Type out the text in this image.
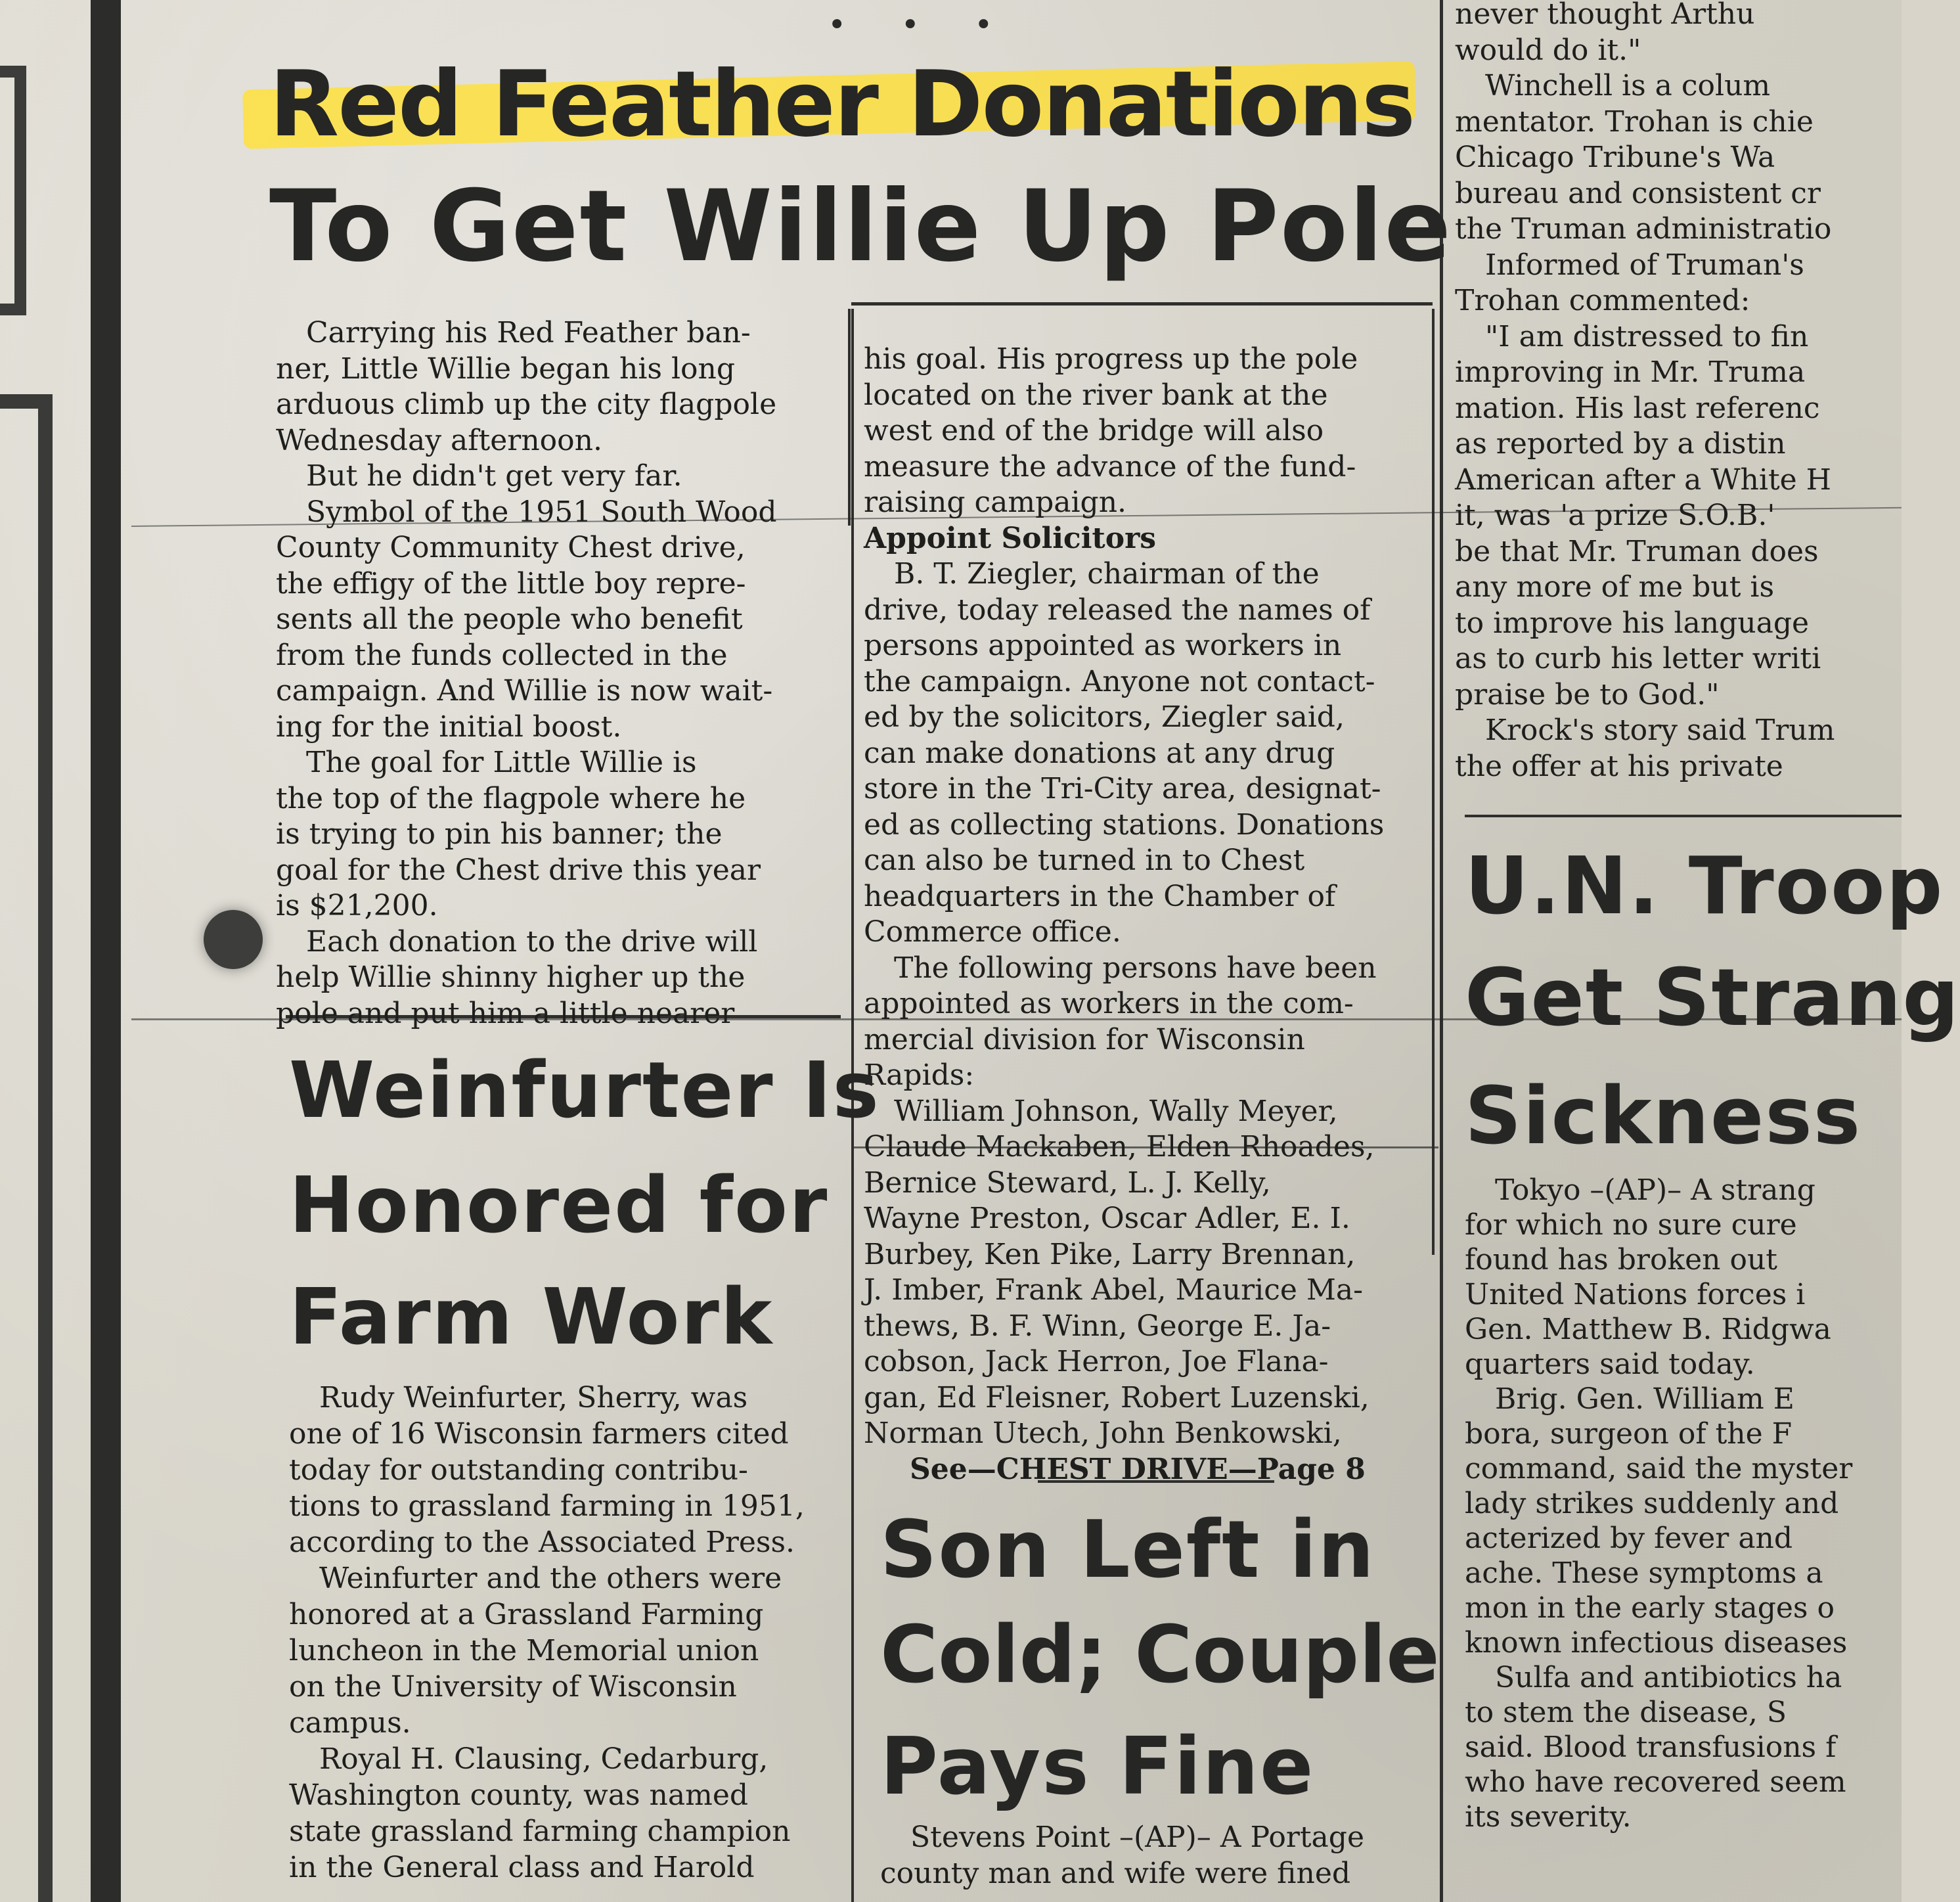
• • •
Red Feather Donations
To Get Willie Up Pole

Carrying his Red Feather ban-

ner, Little Willie began his long

arduous climb up the city flagpole

Wednesday afternoon.

But he didn't get very far.

Symbol of the 1951 South Wood

County Community Chest drive,

the effigy of the little boy repre-

sents all the people who benefit

from the funds collected in the

campaign. And Willie is now wait-

ing for the initial boost.

The goal for Little Willie is

the top of the flagpole where he

is trying to pin his banner; the

goal for the Chest drive this year

is $21,200.

Each donation to the drive will

help Willie shinny higher up the

pole and put him a little nearer

his goal. His progress up the pole

located on the river bank at the

west end of the bridge will also

measure the advance of the fund-

raising campaign.

Appoint Solicitors

B. T. Ziegler, chairman of the

drive, today released the names of

persons appointed as workers in

the campaign. Anyone not contact-

ed by the solicitors, Ziegler said,

can make donations at any drug

store in the Tri-City area, designat-

ed as collecting stations. Donations

can also be turned in to Chest

headquarters in the Chamber of

Commerce office.

The following persons have been

appointed as workers in the com-

mercial division for Wisconsin

Rapids:

William Johnson, Wally Meyer,

Claude Mackaben, Elden Rhoades,

Bernice Steward, L. J. Kelly,

Wayne Preston, Oscar Adler, E. I.

Burbey, Ken Pike, Larry Brennan,

J. Imber, Frank Abel, Maurice Ma-

thews, B. F. Winn, George E. Ja-

cobson, Jack Herron, Joe Flana-

gan, Ed Fleisner, Robert Luzenski,

Norman Utech, John Benkowski,

See—CHEST DRIVE—Page 8

Weinfurter Is
Honored for
Farm Work

Rudy Weinfurter, Sherry, was

one of 16 Wisconsin farmers cited

today for outstanding contribu-

tions to grassland farming in 1951,

according to the Associated Press.

Weinfurter and the others were

honored at a Grassland Farming

luncheon in the Memorial union

on the University of Wisconsin

campus.

Royal H. Clausing, Cedarburg,

Washington county, was named

state grassland farming champion

in the General class and Harold

Son Left in
Cold; Couple
Pays Fine

Stevens Point –(AP)– A Portage

county man and wife were fined

never thought Arthu

would do it."

Winchell is a colum

mentator. Trohan is chie

Chicago Tribune's Wa

bureau and consistent cr

the Truman administratio

Informed of Truman's

Trohan commented:

"I am distressed to fin

improving in Mr. Truma

mation. His last referenc

as reported by a distin

American after a White H

it, was 'a prize S.O.B.'

be that Mr. Truman does

any more of me but is

to improve his language

as to curb his letter writi

praise be to God."

Krock's story said Trum

the offer at his private

U.N. Troop
Get Strang
Sickness

Tokyo –(AP)– A strang

for which no sure cure

found has broken out

United Nations forces i

Gen. Matthew B. Ridgwa

quarters said today.

Brig. Gen. William E

bora, surgeon of the F

command, said the myster

lady strikes suddenly and

acterized by fever and

ache. These symptoms a

mon in the early stages o

known infectious diseases

Sulfa and antibiotics ha

to stem the disease, S

said. Blood transfusions f

who have recovered seem

its severity.
